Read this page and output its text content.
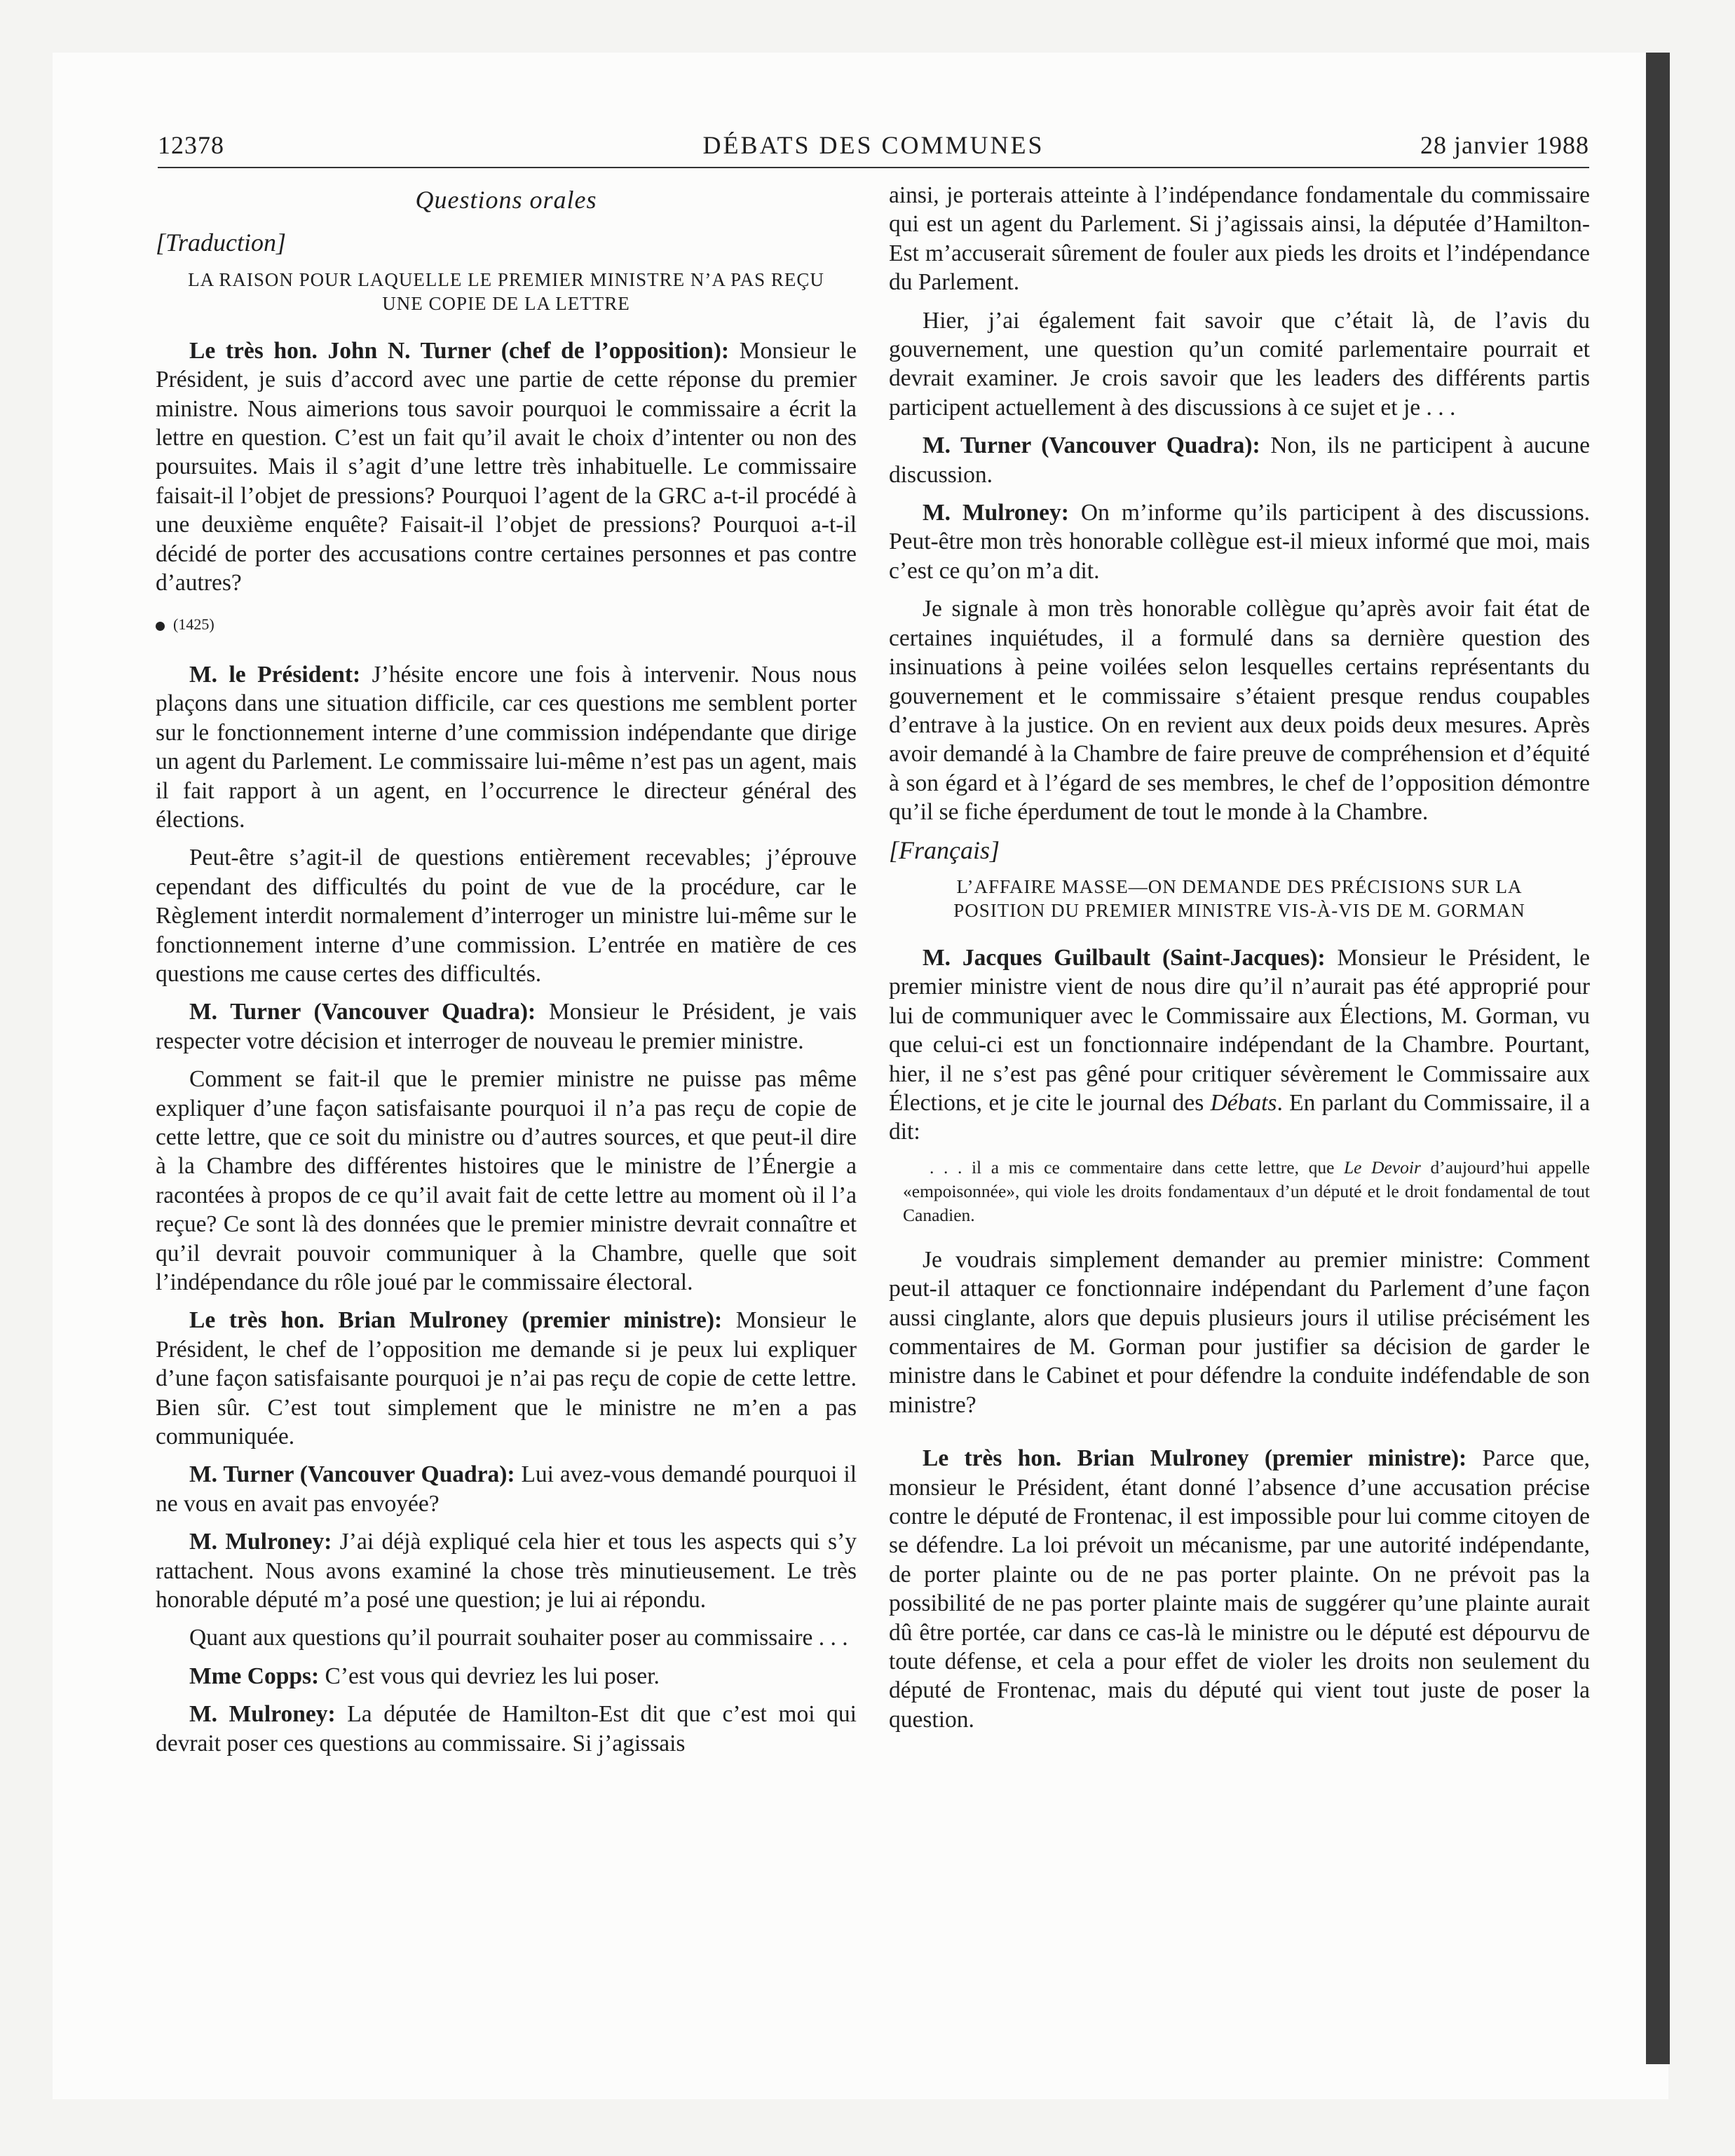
12378	DÉBATS DES COMMUNES	28 janvier 1988
Questions orales
[Traduction]
LA RAISON POUR LAQUELLE LE PREMIER MINISTRE N’A PAS REÇU UNE COPIE DE LA LETTRE

Le très hon. John N. Turner (chef de l’opposition): Monsieur le Président, je suis d’accord avec une partie de cette réponse du premier ministre. Nous aimerions tous savoir pourquoi le commissaire a écrit la lettre en question. C’est un fait qu’il avait le choix d’intenter ou non des poursuites. Mais il s’agit d’une lettre très inhabituelle. Le commissaire faisait-il l’objet de pressions? Pourquoi l’agent de la GRC a-t-il procédé à une deuxième enquête? Faisait-il l’objet de pressions? Pourquoi a-t-il décidé de porter des accusations contre certaines personnes et pas contre d’autres?

(1425)

M. le Président: J’hésite encore une fois à intervenir. Nous nous plaçons dans une situation difficile, car ces questions me semblent porter sur le fonctionnement interne d’une commission indépendante que dirige un agent du Parlement. Le commissaire lui-même n’est pas un agent, mais il fait rapport à un agent, en l’occurrence le directeur général des élections.

Peut-être s’agit-il de questions entièrement recevables; j’éprouve cependant des difficultés du point de vue de la procédure, car le Règlement interdit normalement d’interroger un ministre lui-même sur le fonctionnement interne d’une commission. L’entrée en matière de ces questions me cause certes des difficultés.

M. Turner (Vancouver Quadra): Monsieur le Président, je vais respecter votre décision et interroger de nouveau le premier ministre.

Comment se fait-il que le premier ministre ne puisse pas même expliquer d’une façon satisfaisante pourquoi il n’a pas reçu de copie de cette lettre, que ce soit du ministre ou d’autres sources, et que peut-il dire à la Chambre des différentes histoires que le ministre de l’Énergie a racontées à propos de ce qu’il avait fait de cette lettre au moment où il l’a reçue? Ce sont là des données que le premier ministre devrait connaître et qu’il devrait pouvoir communiquer à la Chambre, quelle que soit l’indépendance du rôle joué par le commissaire électoral.

Le très hon. Brian Mulroney (premier ministre): Monsieur le Président, le chef de l’opposition me demande si je peux lui expliquer d’une façon satisfaisante pourquoi je n’ai pas reçu de copie de cette lettre. Bien sûr. C’est tout simplement que le ministre ne m’en a pas communiquée.

M. Turner (Vancouver Quadra): Lui avez-vous demandé pourquoi il ne vous en avait pas envoyée?

M. Mulroney: J’ai déjà expliqué cela hier et tous les aspects qui s’y rattachent. Nous avons examiné la chose très minutieusement. Le très honorable député m’a posé une question; je lui ai répondu.

Quant aux questions qu’il pourrait souhaiter poser au commissaire . . .

Mme Copps: C’est vous qui devriez les lui poser.

M. Mulroney: La députée de Hamilton-Est dit que c’est moi qui devrait poser ces questions au commissaire. Si j’agissais

ainsi, je porterais atteinte à l’indépendance fondamentale du commissaire qui est un agent du Parlement. Si j’agissais ainsi, la députée d’Hamilton-Est m’accuserait sûrement de fouler aux pieds les droits et l’indépendance du Parlement.

Hier, j’ai également fait savoir que c’était là, de l’avis du gouvernement, une question qu’un comité parlementaire pourrait et devrait examiner. Je crois savoir que les leaders des différents partis participent actuellement à des discussions à ce sujet et je . . .

M. Turner (Vancouver Quadra): Non, ils ne participent à aucune discussion.

M. Mulroney: On m’informe qu’ils participent à des discussions. Peut-être mon très honorable collègue est-il mieux informé que moi, mais c’est ce qu’on m’a dit.

Je signale à mon très honorable collègue qu’après avoir fait état de certaines inquiétudes, il a formulé dans sa dernière question des insinuations à peine voilées selon lesquelles certains représentants du gouvernement et le commissaire s’étaient presque rendus coupables d’entrave à la justice. On en revient aux deux poids deux mesures. Après avoir demandé à la Chambre de faire preuve de compréhension et d’équité à son égard et à l’égard de ses membres, le chef de l’opposition démontre qu’il se fiche éperdument de tout le monde à la Chambre.

[Français]
L’AFFAIRE MASSE—ON DEMANDE DES PRÉCISIONS SUR LA POSITION DU PREMIER MINISTRE VIS-À-VIS DE M. GORMAN

M. Jacques Guilbault (Saint-Jacques): Monsieur le Président, le premier ministre vient de nous dire qu’il n’aurait pas été approprié pour lui de communiquer avec le Commissaire aux Élections, M. Gorman, vu que celui-ci est un fonctionnaire indépendant de la Chambre. Pourtant, hier, il ne s’est pas gêné pour critiquer sévèrement le Commissaire aux Élections, et je cite le journal des Débats. En parlant du Commissaire, il a dit:

. . . il a mis ce commentaire dans cette lettre, que Le Devoir d’aujourd’hui appelle «empoisonnée», qui viole les droits fondamentaux d’un député et le droit fondamental de tout Canadien.

Je voudrais simplement demander au premier ministre: Comment peut-il attaquer ce fonctionnaire indépendant du Parlement d’une façon aussi cinglante, alors que depuis plusieurs jours il utilise précisément les commentaires de M. Gorman pour justifier sa décision de garder le ministre dans le Cabinet et pour défendre la conduite indéfendable de son ministre?

Le très hon. Brian Mulroney (premier ministre): Parce que, monsieur le Président, étant donné l’absence d’une accusation précise contre le député de Frontenac, il est impossible pour lui comme citoyen de se défendre. La loi prévoit un mécanisme, par une autorité indépendante, de porter plainte ou de ne pas porter plainte. On ne prévoit pas la possibilité de ne pas porter plainte mais de suggérer qu’une plainte aurait dû être portée, car dans ce cas-là le ministre ou le député est dépourvu de toute défense, et cela a pour effet de violer les droits non seulement du député de Frontenac, mais du député qui vient tout juste de poser la question.
